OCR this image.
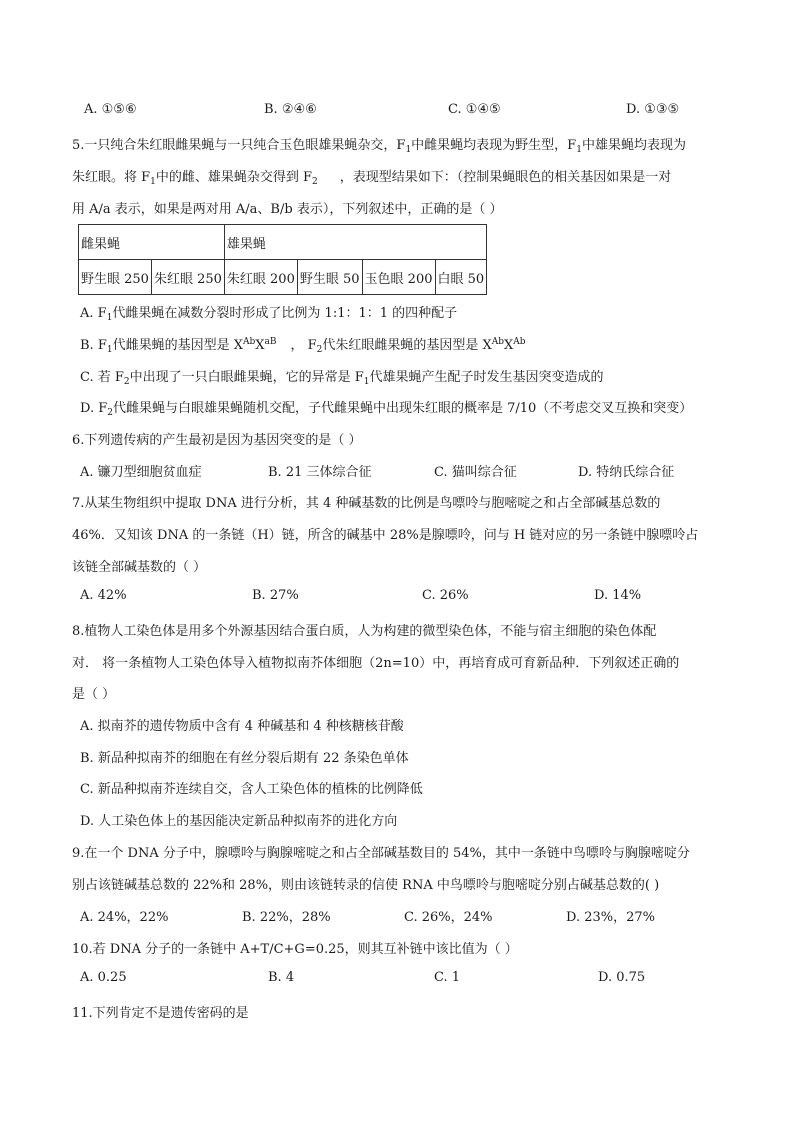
A. ①⑤⑥	B. ②④⑥	C. ①④⑤	D. ①③⑤
5.一只纯合朱红眼雌果蝇与一只纯合玉色眼雄果蝇杂交，$F_1$中雌果蝇均表现为野生型，$F_1$中雄果蝇均表现为
朱红眼。将 $F_1$中的雌、雄果蝇杂交得到 $F_2$ ，表现型结果如下：（控制果蝇眼色的相关基因如果是一对
用 A/a 表示，如果是两对用 A/a、B/b 表示），下列叙述中，正确的是（ ）
雌果蝇		雄果蝇			
野生眼 250	朱红眼 250	朱红眼 200	野生眼 50	玉色眼 200	白眼 50
A. $F_1$代雌果蝇在减数分裂时形成了比例为 1:1：1：1 的四种配子
B. $F_1$代雌果蝇的基因型是 $X^{Ab}X^{aB}$ ， $F_2$代朱红眼雌果蝇的基因型是 $X^{Ab}X^{Ab}$
C. 若 $F_2$中出现了一只白眼雌果蝇，它的异常是 $F_1$代雄果蝇产生配子时发生基因突变造成的
D. $F_2$代雌果蝇与白眼雄果蝇随机交配，子代雌果蝇中出现朱红眼的概率是 7/10（不考虑交叉互换和突变）
6.下列遗传病的产生最初是因为基因突变的是（ ）
A. 镰刀型细胞贫血症	B. 21 三体综合征	C. 猫叫综合征	D. 特纳氏综合征
7.从某生物组织中提取 DNA 进行分析，其 4 种碱基数的比例是鸟嘌呤与胞嘧啶之和占全部碱基总数的
46%．又知该 DNA 的一条链（H）链，所含的碱基中 28%是腺嘌呤，问与 H 链对应的另一条链中腺嘌呤占
该链全部碱基数的（ ）
A. 42%	B. 27%	C. 26%	D. 14%
8.植物人工染色体是用多个外源基因结合蛋白质，人为构建的微型染色体，不能与宿主细胞的染色体配
对． 将一条植物人工染色体导入植物拟南芥体细胞（2n=10）中，再培育成可育新品种．下列叙述正确的
是（ ）
A. 拟南芥的遗传物质中含有 4 种碱基和 4 种核糖核苷酸
B. 新品种拟南芥的细胞在有丝分裂后期有 22 条染色单体
C. 新品种拟南芥连续自交，含人工染色体的植株的比例降低
D. 人工染色体上的基因能决定新品种拟南芥的进化方向
9.在一个 DNA 分子中，腺嘌呤与胸腺嘧啶之和占全部碱基数目的 54%，其中一条链中鸟嘌呤与胸腺嘧啶分
别占该链碱基总数的 22%和 28%，则由该链转录的信使 RNA 中鸟嘌呤与胞嘧啶分别占碱基总数的( )
A. 24%，22%	B. 22%，28%	C. 26%，24%	D. 23%，27%
10.若 DNA 分子的一条链中 A+T/C+G=0.25，则其互补链中该比值为（ ）
A. 0.25	B. 4	C. 1	D. 0.75
11.下列肯定不是遗传密码的是
